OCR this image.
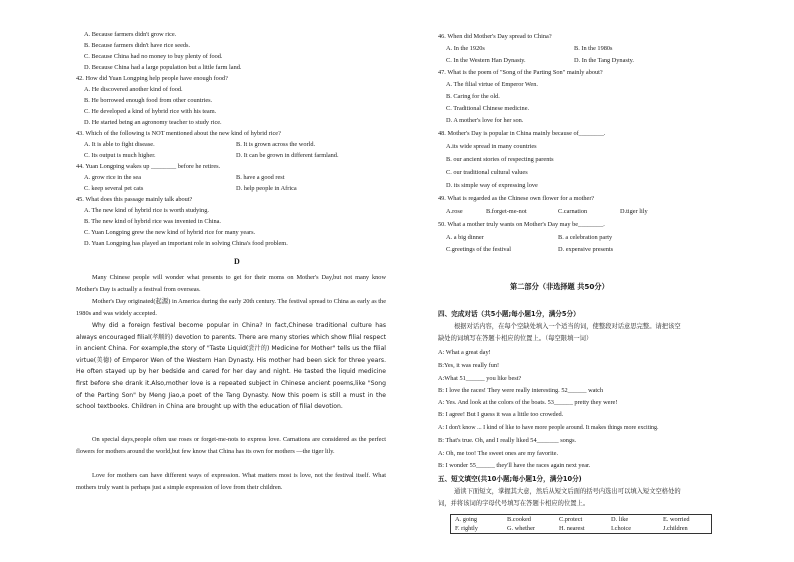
A. Because farmers didn't grow rice.
B. Because farmers didn't have rice seeds.
C. Because China had no money to buy plenty of food.
D. Because China had a large population but a little farm land.
42. How did Yuan Longping help people have enough food?
A. He discovered another kind of food.
B. He borrowed enough food from other countries.
C. He developed a kind of hybrid rice with his team.
D. He started being an agronomy teacher to study rice.
43. Which of the following is NOT mentioned about the new kind of hybrid rice?
A. It is able to fight disease.	B. It is grown across the world.
C. Its output is much higher.	D. It can be grown in different farmland.
44. Yuan Longping wakes up ________ before he retires.
A. grow rice in the sea	B. have a good rest
C. keep several pet cats	D. help people in Africa
45. What does this passage mainly talk about?
A. The new kind of hybrid rice is worth studying.
B. The new kind of hybrid rice was invented in China.
C. Yuan Longping grew the new kind of hybrid rice for many years.
D. Yuan Longping has played an important role in solving China's food problem.
D
Many Chinese people will wonder what presents to get for their moms on Mother's Day,but not many know Mother's Day is actually a festival from overseas.
Mother's Day originated(起源) in America during the early 20th century. The festival spread to China as early as the 1980s and was widely accepted.
Why did a foreign festival become popular in China? In fact,Chinese traditional culture has always encouraged filial(孝顺的) devotion to parents. There are many stories which show filial respect in ancient China. For example,the story of "Taste Liquid(尝汁的) Medicine for Mother" tells us the filial virtue(美德) of Emperor Wen of the Western Han Dynasty. His mother had been sick for three years. He often stayed up by her bedside and cared for her day and night. He tasted the liquid medicine first before she drank it.Also,mother love is a repeated subject in Chinese ancient poems,like "Song of the Parting Son" by Meng Jiao,a poet of the Tang Dynasty. Now this poem is still a must in the school textbooks. Children in China are brought up with the education of filial devotion.
On special days,people often use roses or forget-me-nots to express love. Carnations are considered as the perfect flowers for mothers around the world,but few know that China has its own for mothers —the tiger lily.
Love for mothers can have different ways of expression. What matters most is love, not the festival itself. What mothers truly want is perhaps just a simple expression of love from their children.
46. When did Mother's Day spread to China?
A. In the 1920s	B. In the 1980s
C. In the Western Han Dynasty.	D. In the Tang Dynasty.
47. What is the poem of "Song of the Parting Son" mainly about?
A. The filial virtue of Emperor Wen.
B. Caring for the old.
C. Traditional Chinese medicine.
D. A mother's love for her son.
48. Mother's Day is popular in China mainly because of________.
A.its wide spread in many countries
B. our ancient stories of respecting parents
C. our traditional cultural values
D. its simple way of expressing love
49. What is regarded as the Chinese own flower for a mother?
A.rose	B.forget-me-not	C.carnation	D.tiger lily
50. What a mother truly wants on Mother's Day may be________.
A. a big dinner	B. a celebration party
C.greetings of the festival	D. expensive presents
第二部分（非选择题 共50分）
四、完成对话（共5小题;每小题1分，满分5分）
根据对话内容，在每个空缺处填入一个适当的词，使整段对话意思完整。请把该空
缺处的词填写在答题卡相应的位置上。（每空限填一词）
A: What a great day!
B:Yes, it was really fun!
A:What 51______ you like best?
B: I love the races! They were really interesting. 52______ watch
A: Yes. And look at the colors of the boats. 53______ pretty they were!
B: I agree! But I guess it was a little too crowded.
A: I don't know ... I kind of like to have more people around. It makes things more exciting.
B: That's true. Oh, and I really liked 54_______ songs.
A: Oh, me too! The sweet ones are my favorite.
B: I wonder 55______ they'll have the races again next year.
五、短文填空(共10小题;每小题1分，满分10分)
通读下面短文，掌握其大意，然后从短文后面的括号内选出可以填入短文空格处的
词，并将该词的字母代号填写在答题卡相应的位置上。
A. going	B.cooked	C.protect	D. like	E. worried
F. rightly	G. whether	H. nearest	I.choice	J.children
